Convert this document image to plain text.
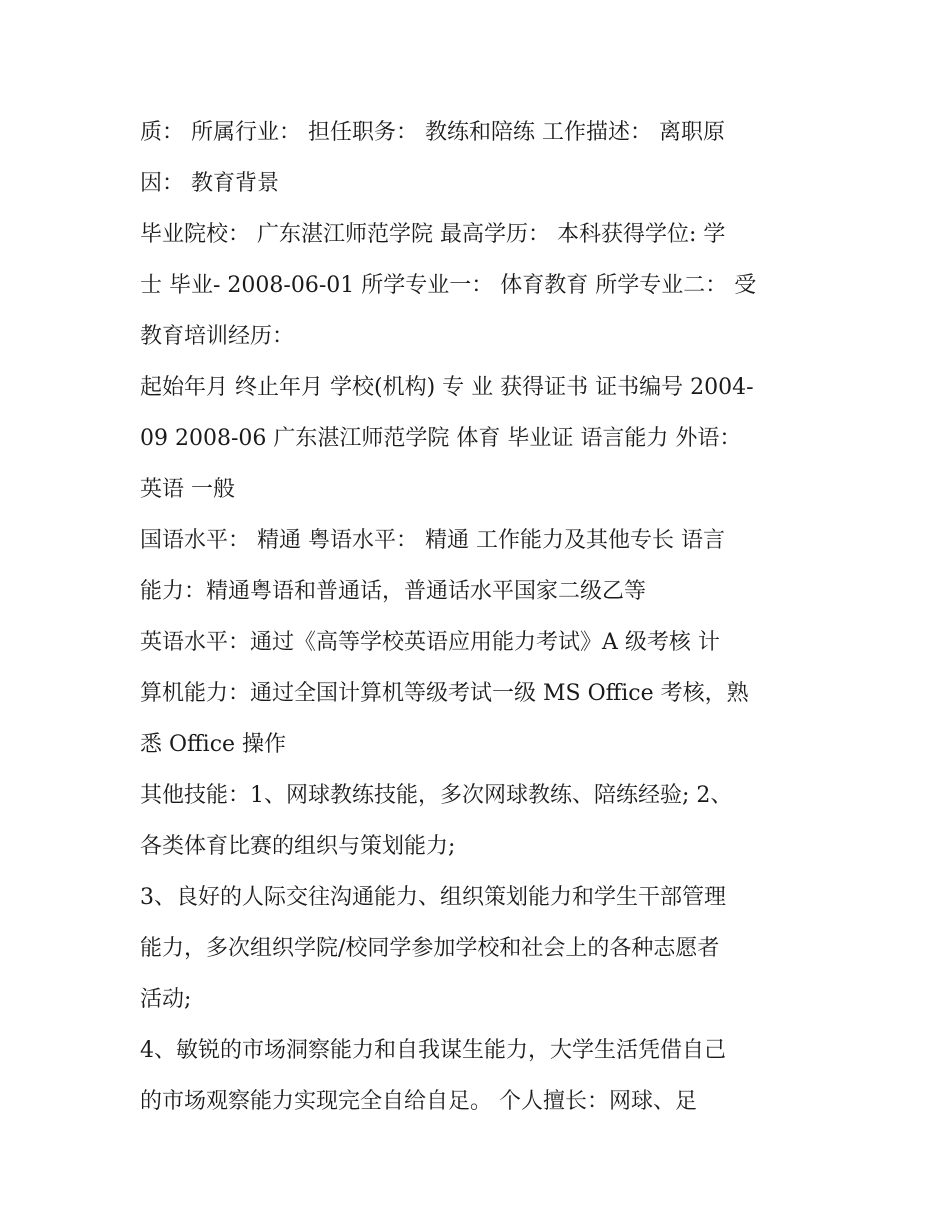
质： 所属行业： 担任职务： 教练和陪练 工作描述： 离职原
因： 教育背景
毕业院校： 广东湛江师范学院 最高学历： 本科获得学位: 学
士 毕业- 2008-06-01 所学专业一： 体育教育 所学专业二： 受
教育培训经历：
起始年月 终止年月 学校(机构) 专 业 获得证书 证书编号 2004-
09 2008-06 广东湛江师范学院 体育 毕业证 语言能力 外语：
英语 一般
国语水平： 精通 粤语水平： 精通 工作能力及其他专长 语言
能力：精通粤语和普通话，普通话水平国家二级乙等
英语水平：通过《高等学校英语应用能力考试》A 级考核 计
算机能力：通过全国计算机等级考试一级 MS Office 考核，熟
悉 Office 操作
其他技能：1、网球教练技能，多次网球教练、陪练经验; 2、
各类体育比赛的组织与策划能力;
3、良好的人际交往沟通能力、组织策划能力和学生干部管理
能力，多次组织学院/校同学参加学校和社会上的各种志愿者
活动;
4、敏锐的市场洞察能力和自我谋生能力，大学生活凭借自己
的市场观察能力实现完全自给自足。 个人擅长：网球、足
